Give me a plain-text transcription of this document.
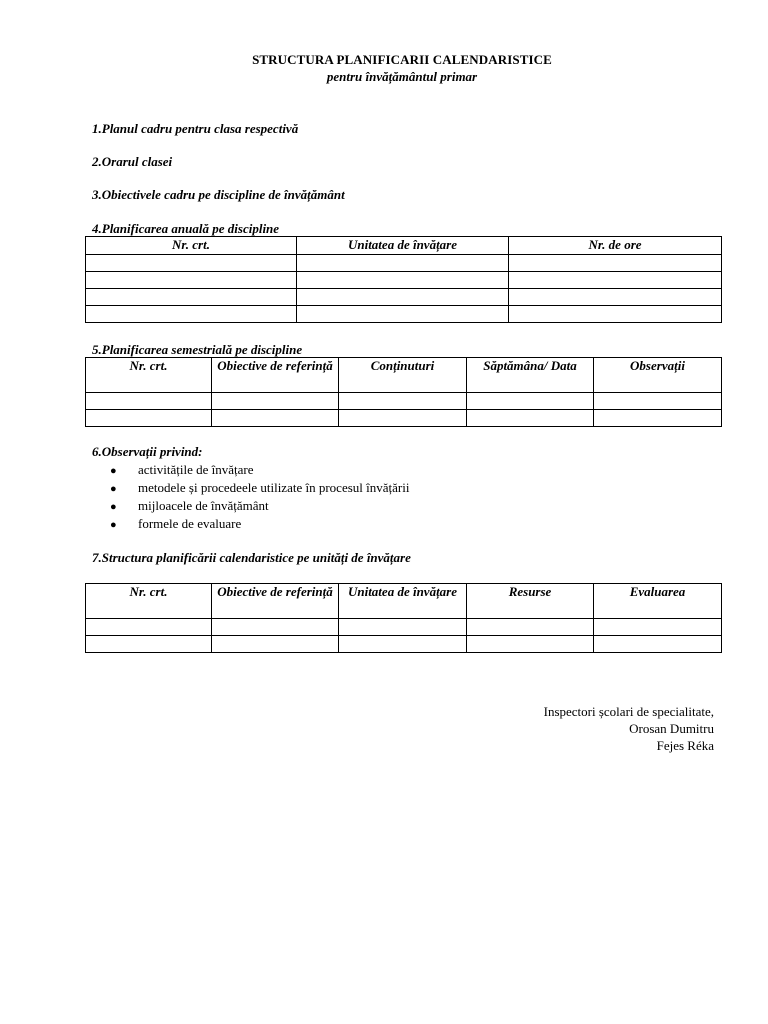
STRUCTURA PLANIFICARII CALENDARISTICE
pentru învățământul primar
1.Planul cadru pentru clasa respectivă
2.Orarul clasei
3.Obiectivele cadru pe discipline de învățământ
4.Planificarea anuală pe discipline
Nr. crt.	Unitatea de învățare	Nr. de ore

5.Planificarea semestrială pe discipline
Nr. crt.	Obiective de referință	Conținuturi	Săptămâna/ Data	Observații

6.Observații privind:
● activitățile de învățare
● metodele și procedeele utilizate în procesul învățării
● mijloacele de învățământ
● formele de evaluare
7.Structura planificării calendaristice pe unități de învățare
Nr. crt.	Obiective de referință	Unitatea de învățare	Resurse	Evaluarea

Inspectori școlari de specialitate,
Orosan Dumitru
Fejes Réka
